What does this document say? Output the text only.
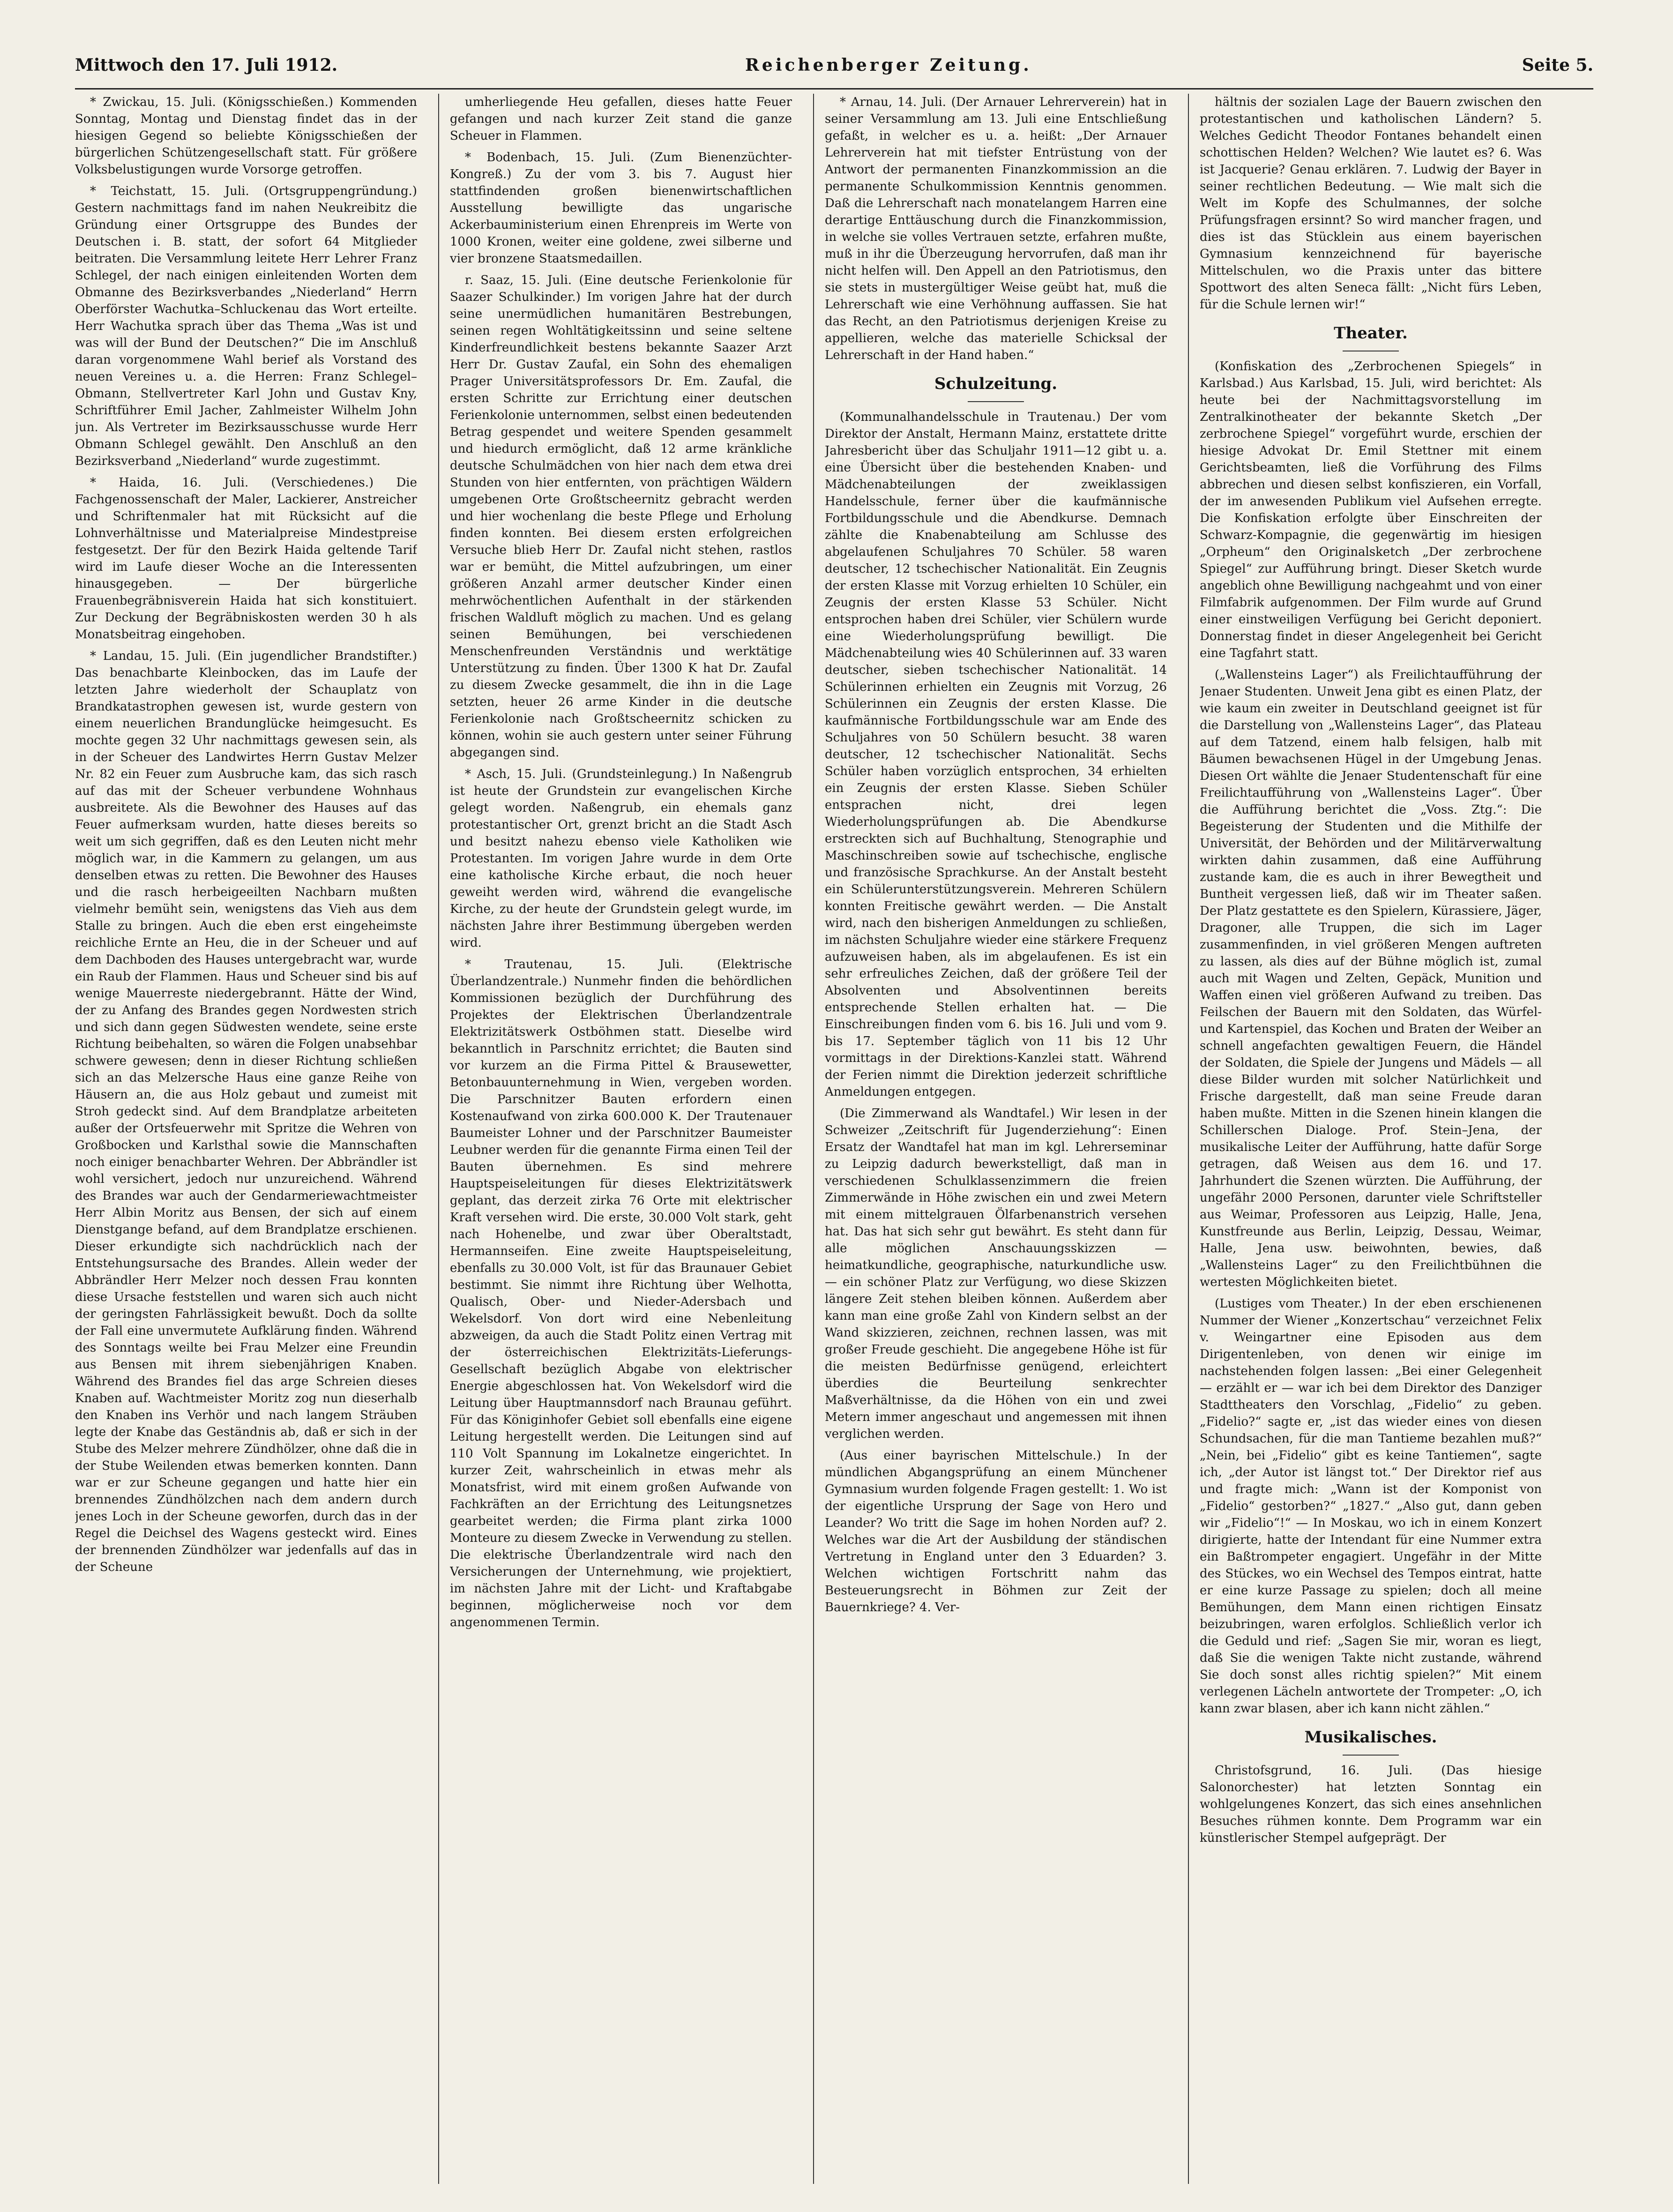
Mittwoch den 17. Juli 1912.	Reichenberger Zeitung.	Seite 5.

* Zwickau, 15. Juli. (Königsschießen.) Kommenden Sonntag, Montag und Dienstag findet das in der hiesigen Gegend so beliebte Königsschießen der bürgerlichen Schützengesellschaft statt. Für größere Volksbelustigungen wurde Vorsorge getroffen.

* Teichstatt, 15. Juli. (Ortsgruppengründung.) Gestern nachmittags fand im nahen Neukreibitz die Gründung einer Ortsgruppe des Bundes der Deutschen i. B. statt, der sofort 64 Mitglieder beitraten. Die Versammlung leitete Herr Lehrer Franz Schlegel, der nach einigen einleitenden Worten dem Obmanne des Bezirksverbandes „Niederland“ Herrn Oberförster Wachutka–Schluckenau das Wort erteilte. Herr Wachutka sprach über das Thema „Was ist und was will der Bund der Deutschen?“ Die im Anschluß daran vorgenommene Wahl berief als Vorstand des neuen Vereines u. a. die Herren: Franz Schlegel–Obmann, Stellvertreter Karl John und Gustav Kny, Schriftführer Emil Jacher, Zahlmeister Wilhelm John jun. Als Vertreter im Bezirksausschusse wurde Herr Obmann Schlegel gewählt. Den Anschluß an den Bezirksverband „Niederland“ wurde zugestimmt.

* Haida, 16. Juli. (Verschiedenes.) Die Fachgenossenschaft der Maler, Lackierer, Anstreicher und Schriftenmaler hat mit Rücksicht auf die Lohnverhältnisse und Materialpreise Mindestpreise festgesetzt. Der für den Bezirk Haida geltende Tarif wird im Laufe dieser Woche an die Interessenten hinausgegeben. — Der bürgerliche Frauenbegräbnisverein Haida hat sich konstituiert. Zur Deckung der Begräbniskosten werden 30 h als Monatsbeitrag eingehoben.

* Landau, 15. Juli. (Ein jugendlicher Brandstifter.) Das benachbarte Kleinbocken, das im Laufe der letzten Jahre wiederholt der Schauplatz von Brandkatastrophen gewesen ist, wurde gestern von einem neuerlichen Brandunglücke heimgesucht. Es mochte gegen 32 Uhr nachmittags gewesen sein, als in der Scheuer des Landwirtes Herrn Gustav Melzer Nr. 82 ein Feuer zum Ausbruche kam, das sich rasch auf das mit der Scheuer verbundene Wohnhaus ausbreitete. Als die Bewohner des Hauses auf das Feuer aufmerksam wurden, hatte dieses bereits so weit um sich gegriffen, daß es den Leuten nicht mehr möglich war, in die Kammern zu gelangen, um aus denselben etwas zu retten. Die Bewohner des Hauses und die rasch herbeigeeilten Nachbarn mußten vielmehr bemüht sein, wenigstens das Vieh aus dem Stalle zu bringen. Auch die eben erst eingeheimste reichliche Ernte an Heu, die in der Scheuer und auf dem Dachboden des Hauses untergebracht war, wurde ein Raub der Flammen. Haus und Scheuer sind bis auf wenige Mauerreste niedergebrannt. Hätte der Wind, der zu Anfang des Brandes gegen Nordwesten strich und sich dann gegen Südwesten wendete, seine erste Richtung beibehalten, so wären die Folgen unabsehbar schwere gewesen; denn in dieser Richtung schließen sich an das Melzersche Haus eine ganze Reihe von Häusern an, die aus Holz gebaut und zumeist mit Stroh gedeckt sind. Auf dem Brandplatze arbeiteten außer der Ortsfeuerwehr mit Spritze die Wehren von Großbocken und Karlsthal sowie die Mannschaften noch einiger benachbarter Wehren. Der Abbrändler ist wohl versichert, jedoch nur unzureichend. Während des Brandes war auch der Gendarmeriewachtmeister Herr Albin Moritz aus Bensen, der sich auf einem Dienstgange befand, auf dem Brandplatze erschienen. Dieser erkundigte sich nachdrücklich nach der Entstehungsursache des Brandes. Allein weder der Abbrändler Herr Melzer noch dessen Frau konnten diese Ursache feststellen und waren sich auch nicht der geringsten Fahrlässigkeit bewußt. Doch da sollte der Fall eine unvermutete Aufklärung finden. Während des Sonntags weilte bei Frau Melzer eine Freundin aus Bensen mit ihrem siebenjährigen Knaben. Während des Brandes fiel das arge Schreien dieses Knaben auf. Wachtmeister Moritz zog nun dieserhalb den Knaben ins Verhör und nach langem Sträuben legte der Knabe das Geständnis ab, daß er sich in der Stube des Melzer mehrere Zündhölzer, ohne daß die in der Stube Weilenden etwas bemerken konnten. Dann war er zur Scheune gegangen und hatte hier ein brennendes Zündhölzchen nach dem andern durch jenes Loch in der Scheune geworfen, durch das in der Regel die Deichsel des Wagens gesteckt wird. Eines der brennenden Zündhölzer war jedenfalls auf das in der Scheune

umherliegende Heu gefallen, dieses hatte Feuer gefangen und nach kurzer Zeit stand die ganze Scheuer in Flammen.

* Bodenbach, 15. Juli. (Zum Bienenzüchter-Kongreß.) Zu der vom 3. bis 7. August hier stattfindenden großen bienenwirtschaftlichen Ausstellung bewilligte das ungarische Ackerbauministerium einen Ehrenpreis im Werte von 1000 Kronen, weiter eine goldene, zwei silberne und vier bronzene Staatsmedaillen.

r. Saaz, 15. Juli. (Eine deutsche Ferienkolonie für Saazer Schulkinder.) Im vorigen Jahre hat der durch seine unermüdlichen humanitären Bestrebungen, seinen regen Wohltätigkeitssinn und seine seltene Kinderfreundlichkeit bestens bekannte Saazer Arzt Herr Dr. Gustav Zaufal, ein Sohn des ehemaligen Prager Universitätsprofessors Dr. Em. Zaufal, die ersten Schritte zur Errichtung einer deutschen Ferienkolonie unternommen, selbst einen bedeutenden Betrag gespendet und weitere Spenden gesammelt und hiedurch ermöglicht, daß 12 arme kränkliche deutsche Schulmädchen von hier nach dem etwa drei Stunden von hier entfernten, von prächtigen Wäldern umgebenen Orte Großtscheernitz gebracht werden und hier wochenlang die beste Pflege und Erholung finden konnten. Bei diesem ersten erfolgreichen Versuche blieb Herr Dr. Zaufal nicht stehen, rastlos war er bemüht, die Mittel aufzubringen, um einer größeren Anzahl armer deutscher Kinder einen mehrwöchentlichen Aufenthalt in der stärkenden frischen Waldluft möglich zu machen. Und es gelang seinen Bemühungen, bei verschiedenen Menschenfreunden Verständnis und werktätige Unterstützung zu finden. Über 1300 K hat Dr. Zaufal zu diesem Zwecke gesammelt, die ihn in die Lage setzten, heuer 26 arme Kinder in die deutsche Ferienkolonie nach Großtscheernitz schicken zu können, wohin sie auch gestern unter seiner Führung abgegangen sind.

* Asch, 15. Juli. (Grundsteinlegung.) In Naßengrub ist heute der Grundstein zur evangelischen Kirche gelegt worden. Naßengrub, ein ehemals ganz protestantischer Ort, grenzt bricht an die Stadt Asch und besitzt nahezu ebenso viele Katholiken wie Protestanten. Im vorigen Jahre wurde in dem Orte eine katholische Kirche erbaut, die noch heuer geweiht werden wird, während die evangelische Kirche, zu der heute der Grundstein gelegt wurde, im nächsten Jahre ihrer Bestimmung übergeben werden wird.

* Trautenau, 15. Juli. (Elektrische Überlandzentrale.) Nunmehr finden die behördlichen Kommissionen bezüglich der Durchführung des Projektes der Elektrischen Überlandzentrale Elektrizitätswerk Ostböhmen statt. Dieselbe wird bekanntlich in Parschnitz errichtet; die Bauten sind vor kurzem an die Firma Pittel & Brausewetter, Betonbauunternehmung in Wien, vergeben worden. Die Parschnitzer Bauten erfordern einen Kostenaufwand von zirka 600.000 K. Der Trautenauer Baumeister Lohner und der Parschnitzer Baumeister Leubner werden für die genannte Firma einen Teil der Bauten übernehmen. Es sind mehrere Hauptspeiseleitungen für dieses Elektrizitätswerk geplant, das derzeit zirka 76 Orte mit elektrischer Kraft versehen wird. Die erste, 30.000 Volt stark, geht nach Hohenelbe, und zwar über Oberaltstadt, Hermannseifen. Eine zweite Hauptspeiseleitung, ebenfalls zu 30.000 Volt, ist für das Braunauer Gebiet bestimmt. Sie nimmt ihre Richtung über Welhotta, Qualisch, Ober- und Nieder-Adersbach und Wekelsdorf. Von dort wird eine Nebenleitung abzweigen, da auch die Stadt Politz einen Vertrag mit der österreichischen Elektrizitäts-Lieferungs-Gesellschaft bezüglich Abgabe von elektrischer Energie abgeschlossen hat. Von Wekelsdorf wird die Leitung über Hauptmannsdorf nach Braunau geführt. Für das Königinhofer Gebiet soll ebenfalls eine eigene Leitung hergestellt werden. Die Leitungen sind auf 110 Volt Spannung im Lokalnetze eingerichtet. In kurzer Zeit, wahrscheinlich in etwas mehr als Monatsfrist, wird mit einem großen Aufwande von Fachkräften an der Errichtung des Leitungsnetzes gearbeitet werden; die Firma plant zirka 1000 Monteure zu diesem Zwecke in Verwendung zu stellen. Die elektrische Überlandzentrale wird nach den Versicherungen der Unternehmung, wie projektiert, im nächsten Jahre mit der Licht- und Kraftabgabe beginnen, möglicherweise noch vor dem angenommenen Termin.

* Arnau, 14. Juli. (Der Arnauer Lehrerverein) hat in seiner Versammlung am 13. Juli eine Entschließung gefaßt, in welcher es u. a. heißt: „Der Arnauer Lehrerverein hat mit tiefster Entrüstung von der Antwort der permanenten Finanzkommission an die permanente Schulkommission Kenntnis genommen. Daß die Lehrerschaft nach monatelangem Harren eine derartige Enttäuschung durch die Finanzkommission, in welche sie volles Vertrauen setzte, erfahren mußte, muß in ihr die Überzeugung hervorrufen, daß man ihr nicht helfen will. Den Appell an den Patriotismus, den sie stets in mustergültiger Weise geübt hat, muß die Lehrerschaft wie eine Verhöhnung auffassen. Sie hat das Recht, an den Patriotismus derjenigen Kreise zu appellieren, welche das materielle Schicksal der Lehrerschaft in der Hand haben.“

Schulzeitung.

(Kommunalhandelsschule in Trautenau.) Der vom Direktor der Anstalt, Hermann Mainz, erstattete dritte Jahresbericht über das Schuljahr 1911—12 gibt u. a. eine Übersicht über die bestehenden Knaben- und Mädchenabteilungen der zweiklassigen Handelsschule, ferner über die kaufmännische Fortbildungsschule und die Abendkurse. Demnach zählte die Knabenabteilung am Schlusse des abgelaufenen Schuljahres 70 Schüler. 58 waren deutscher, 12 tschechischer Nationalität. Ein Zeugnis der ersten Klasse mit Vorzug erhielten 10 Schüler, ein Zeugnis der ersten Klasse 53 Schüler. Nicht entsprochen haben drei Schüler, vier Schülern wurde eine Wiederholungsprüfung bewilligt. Die Mädchenabteilung wies 40 Schülerinnen auf. 33 waren deutscher, sieben tschechischer Nationalität. 14 Schülerinnen erhielten ein Zeugnis mit Vorzug, 26 Schülerinnen ein Zeugnis der ersten Klasse. Die kaufmännische Fortbildungsschule war am Ende des Schuljahres von 50 Schülern besucht. 38 waren deutscher, 12 tschechischer Nationalität. Sechs Schüler haben vorzüglich entsprochen, 34 erhielten ein Zeugnis der ersten Klasse. Sieben Schüler entsprachen nicht, drei legen Wiederholungsprüfungen ab. Die Abendkurse erstreckten sich auf Buchhaltung, Stenographie und Maschinschreiben sowie auf tschechische, englische und französische Sprachkurse. An der Anstalt besteht ein Schülerunterstützungsverein. Mehreren Schülern konnten Freitische gewährt werden. — Die Anstalt wird, nach den bisherigen Anmeldungen zu schließen, im nächsten Schuljahre wieder eine stärkere Frequenz aufzuweisen haben, als im abgelaufenen. Es ist ein sehr erfreuliches Zeichen, daß der größere Teil der Absolventen und Absolventinnen bereits entsprechende Stellen erhalten hat. — Die Einschreibungen finden vom 6. bis 16. Juli und vom 9. bis 17. September täglich von 11 bis 12 Uhr vormittags in der Direktions-Kanzlei statt. Während der Ferien nimmt die Direktion jederzeit schriftliche Anmeldungen entgegen.

(Die Zimmerwand als Wandtafel.) Wir lesen in der Schweizer „Zeitschrift für Jugenderziehung“: Einen Ersatz der Wandtafel hat man im kgl. Lehrerseminar zu Leipzig dadurch bewerkstelligt, daß man in verschiedenen Schulklassenzimmern die freien Zimmerwände in Höhe zwischen ein und zwei Metern mit einem mittelgrauen Ölfarbenanstrich versehen hat. Das hat sich sehr gut bewährt. Es steht dann für alle möglichen Anschauungsskizzen — heimatkundliche, geographische, naturkundliche usw. — ein schöner Platz zur Verfügung, wo diese Skizzen längere Zeit stehen bleiben können. Außerdem aber kann man eine große Zahl von Kindern selbst an der Wand skizzieren, zeichnen, rechnen lassen, was mit großer Freude geschieht. Die angegebene Höhe ist für die meisten Bedürfnisse genügend, erleichtert überdies die Beurteilung senkrechter Maßverhältnisse, da die Höhen von ein und zwei Metern immer angeschaut und angemessen mit ihnen verglichen werden.

(Aus einer bayrischen Mittelschule.) In der mündlichen Abgangsprüfung an einem Münchener Gymnasium wurden folgende Fragen gestellt: 1. Wo ist der eigentliche Ursprung der Sage von Hero und Leander? Wo tritt die Sage im hohen Norden auf? 2. Welches war die Art der Ausbildung der ständischen Vertretung in England unter den 3 Eduarden? 3. Welchen wichtigen Fortschritt nahm das Besteuerungsrecht in Böhmen zur Zeit der Bauernkriege? 4. Ver-

hältnis der sozialen Lage der Bauern zwischen den protestantischen und katholischen Ländern? 5. Welches Gedicht Theodor Fontanes behandelt einen schottischen Helden? Welchen? Wie lautet es? 6. Was ist Jacquerie? Genau erklären. 7. Ludwig der Bayer in seiner rechtlichen Bedeutung. — Wie malt sich die Welt im Kopfe des Schulmannes, der solche Prüfungsfragen ersinnt? So wird mancher fragen, und dies ist das Stücklein aus einem bayerischen Gymnasium kennzeichnend für bayerische Mittelschulen, wo die Praxis unter das bittere Spottwort des alten Seneca fällt: „Nicht fürs Leben, für die Schule lernen wir!“

Theater.

(Konfiskation des „Zerbrochenen Spiegels“ in Karlsbad.) Aus Karlsbad, 15. Juli, wird berichtet: Als heute bei der Nachmittagsvorstellung im Zentralkinotheater der bekannte Sketch „Der zerbrochene Spiegel“ vorgeführt wurde, erschien der hiesige Advokat Dr. Emil Stettner mit einem Gerichtsbeamten, ließ die Vorführung des Films abbrechen und diesen selbst konfiszieren, ein Vorfall, der im anwesenden Publikum viel Aufsehen erregte. Die Konfiskation erfolgte über Einschreiten der Schwarz-Kompagnie, die gegenwärtig im hiesigen „Orpheum“ den Originalsketch „Der zerbrochene Spiegel“ zur Aufführung bringt. Dieser Sketch wurde angeblich ohne Bewilligung nachgeahmt und von einer Filmfabrik aufgenommen. Der Film wurde auf Grund einer einstweiligen Verfügung bei Gericht deponiert. Donnerstag findet in dieser Angelegenheit bei Gericht eine Tagfahrt statt.

(„Wallensteins Lager“) als Freilichtaufführung der Jenaer Studenten. Unweit Jena gibt es einen Platz, der wie kaum ein zweiter in Deutschland geeignet ist für die Darstellung von „Wallensteins Lager“, das Plateau auf dem Tatzend, einem halb felsigen, halb mit Bäumen bewachsenen Hügel in der Umgebung Jenas. Diesen Ort wählte die Jenaer Studentenschaft für eine Freilichtaufführung von „Wallensteins Lager“. Über die Aufführung berichtet die „Voss. Ztg.“: Die Begeisterung der Studenten und die Mithilfe der Universität, der Behörden und der Militärverwaltung wirkten dahin zusammen, daß eine Aufführung zustande kam, die es auch in ihrer Bewegtheit und Buntheit vergessen ließ, daß wir im Theater saßen. Der Platz gestattete es den Spielern, Kürassiere, Jäger, Dragoner, alle Truppen, die sich im Lager zusammenfinden, in viel größeren Mengen auftreten zu lassen, als dies auf der Bühne möglich ist, zumal auch mit Wagen und Zelten, Gepäck, Munition und Waffen einen viel größeren Aufwand zu treiben. Das Feilschen der Bauern mit den Soldaten, das Würfel- und Kartenspiel, das Kochen und Braten der Weiber an schnell angefachten gewaltigen Feuern, die Händel der Soldaten, die Spiele der Jungens und Mädels — all diese Bilder wurden mit solcher Natürlichkeit und Frische dargestellt, daß man seine Freude daran haben mußte. Mitten in die Szenen hinein klangen die Schillerschen Dialoge. Prof. Stein–Jena, der musikalische Leiter der Aufführung, hatte dafür Sorge getragen, daß Weisen aus dem 16. und 17. Jahrhundert die Szenen würzten. Die Aufführung, der ungefähr 2000 Personen, darunter viele Schriftsteller aus Weimar, Professoren aus Leipzig, Halle, Jena, Kunstfreunde aus Berlin, Leipzig, Dessau, Weimar, Halle, Jena usw. beiwohnten, bewies, daß „Wallensteins Lager“ zu den Freilichtbühnen die wertesten Möglichkeiten bietet.

(Lustiges vom Theater.) In der eben erschienenen Nummer der Wiener „Konzertschau“ verzeichnet Felix v. Weingartner eine Episoden aus dem Dirigentenleben, von denen wir einige im nachstehenden folgen lassen: „Bei einer Gelegenheit — erzählt er — war ich bei dem Direktor des Danziger Stadttheaters den Vorschlag, „Fidelio“ zu geben. „Fidelio?“ sagte er, „ist das wieder eines von diesen Schundsachen, für die man Tantieme bezahlen muß?“ „Nein, bei „Fidelio“ gibt es keine Tantiemen“, sagte ich, „der Autor ist längst tot.“ Der Direktor rief aus und fragte mich: „Wann ist der Komponist von „Fidelio“ gestorben?“ „1827.“ „Also gut, dann geben wir „Fidelio“!“ — In Moskau, wo ich in einem Konzert dirigierte, hatte der Intendant für eine Nummer extra ein Baßtrompeter engagiert. Ungefähr in der Mitte des Stückes, wo ein Wechsel des Tempos eintrat, hatte er eine kurze Passage zu spielen; doch all meine Bemühungen, dem Mann einen richtigen Einsatz beizubringen, waren erfolglos. Schließlich verlor ich die Geduld und rief: „Sagen Sie mir, woran es liegt, daß Sie die wenigen Takte nicht zustande, während Sie doch sonst alles richtig spielen?“ Mit einem verlegenen Lächeln antwortete der Trompeter: „O, ich kann zwar blasen, aber ich kann nicht zählen.“

Musikalisches.

Christofsgrund, 16. Juli. (Das hiesige Salonorchester) hat letzten Sonntag ein wohlgelungenes Konzert, das sich eines ansehnlichen Besuches rühmen konnte. Dem Programm war ein künstlerischer Stempel aufgeprägt. Der
